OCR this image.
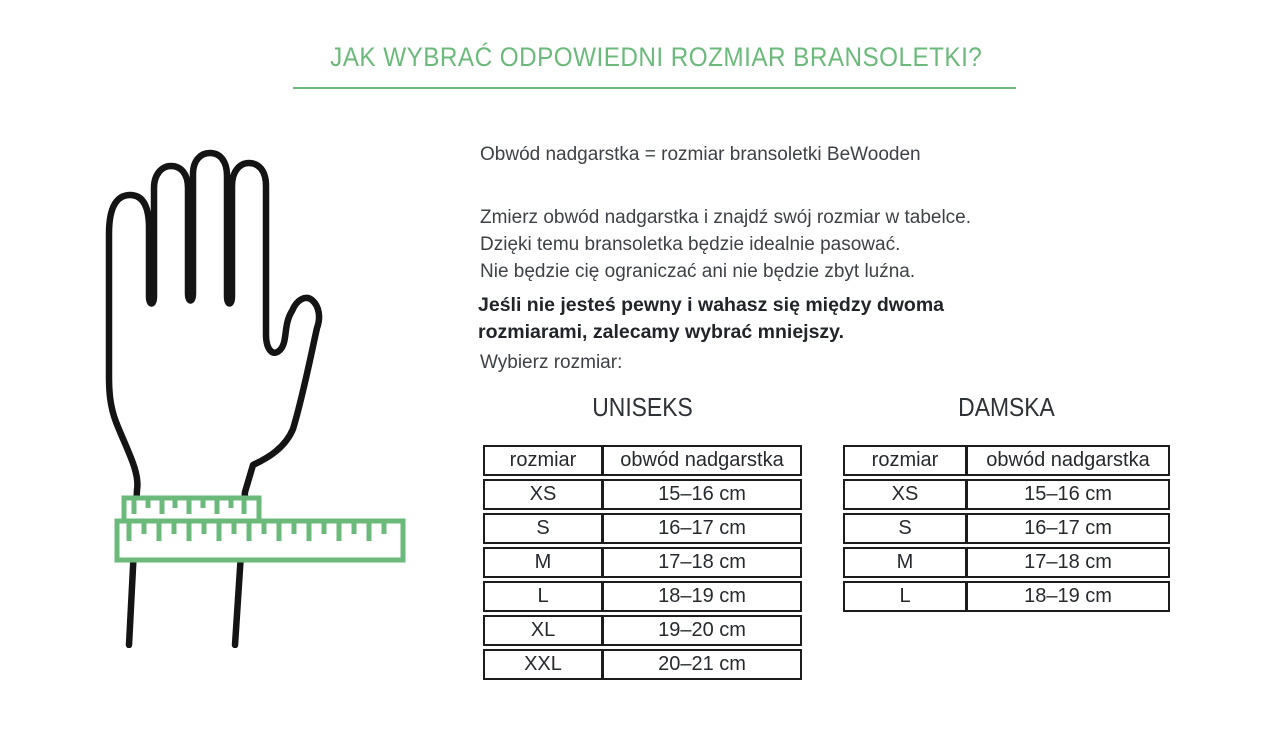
JAK WYBRAĆ ODPOWIEDNI ROZMIAR BRANSOLETKI?
Obwód nadgarstka = rozmiar bransoletki BeWooden
Zmierz obwód nadgarstka i znajdź swój rozmiar w tabelce.
Dzięki temu bransoletka będzie idealnie pasować.
Nie będzie cię ograniczać ani nie będzie zbyt luźna.
Jeśli nie jesteś pewny i wahasz się między dwoma
rozmiarami, zalecamy wybrać mniejszy.
Wybierz rozmiar:
UNISEKS	DAMSKA
rozmiar	obwód nadgarstka
XS	15–16 cm
S	16–17 cm
M	17–18 cm
L	18–19 cm
XL	19–20 cm
XXL	20–21 cm
rozmiar	obwód nadgarstka
XS	15–16 cm
S	16–17 cm
M	17–18 cm
L	18–19 cm
